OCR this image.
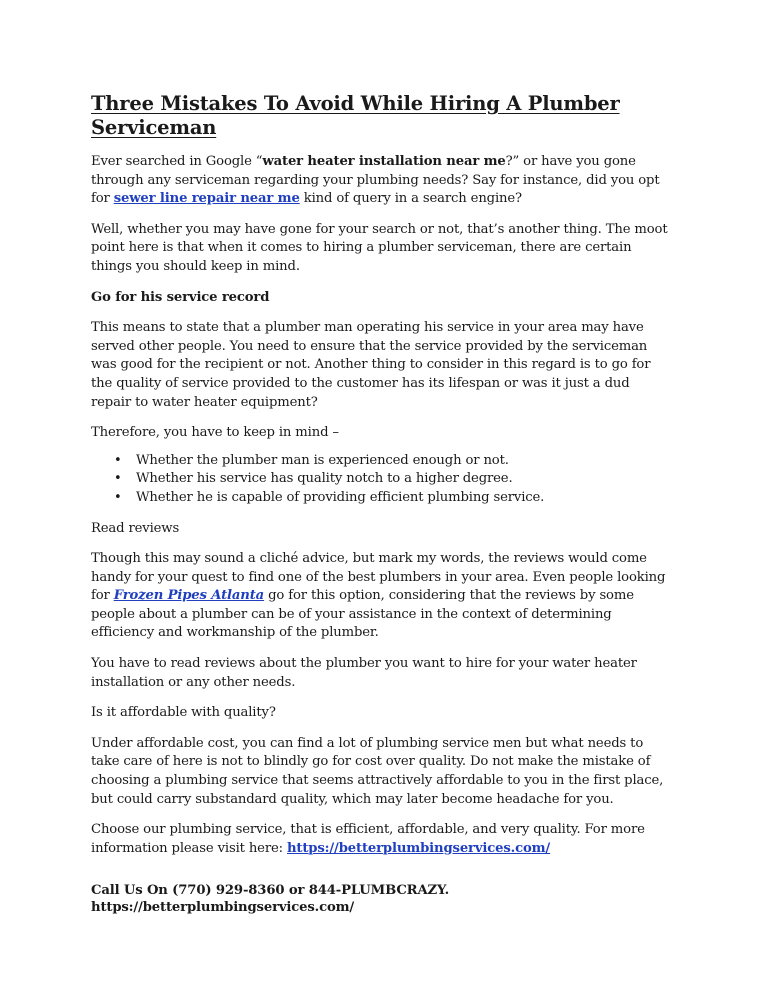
Three Mistakes To Avoid While Hiring A Plumber Serviceman

Ever searched in Google “water heater installation near me?” or have you gone through any serviceman regarding your plumbing needs? Say for instance, did you opt for sewer line repair near me kind of query in a search engine?

Well, whether you may have gone for your search or not, that’s another thing. The moot point here is that when it comes to hiring a plumber serviceman, there are certain things you should keep in mind.

Go for his service record

This means to state that a plumber man operating his service in your area may have served other people. You need to ensure that the service provided by the serviceman was good for the recipient or not. Another thing to consider in this regard is to go for the quality of service provided to the customer has its lifespan or was it just a dud repair to water heater equipment?

Therefore, you have to keep in mind –

• Whether the plumber man is experienced enough or not.
• Whether his service has quality notch to a higher degree.
• Whether he is capable of providing efficient plumbing service.

Read reviews

Though this may sound a cliché advice, but mark my words, the reviews would come handy for your quest to find one of the best plumbers in your area. Even people looking for Frozen Pipes Atlanta go for this option, considering that the reviews by some people about a plumber can be of your assistance in the context of determining efficiency and workmanship of the plumber.

You have to read reviews about the plumber you want to hire for your water heater installation or any other needs.

Is it affordable with quality?

Under affordable cost, you can find a lot of plumbing service men but what needs to take care of here is not to blindly go for cost over quality. Do not make the mistake of choosing a plumbing service that seems attractively affordable to you in the first place, but could carry substandard quality, which may later become headache for you.

Choose our plumbing service, that is efficient, affordable, and very quality. For more information please visit here: https://betterplumbingservices.com/

Call Us On (770) 929-8360 or 844-PLUMBCRAZY.
https://betterplumbingservices.com/
